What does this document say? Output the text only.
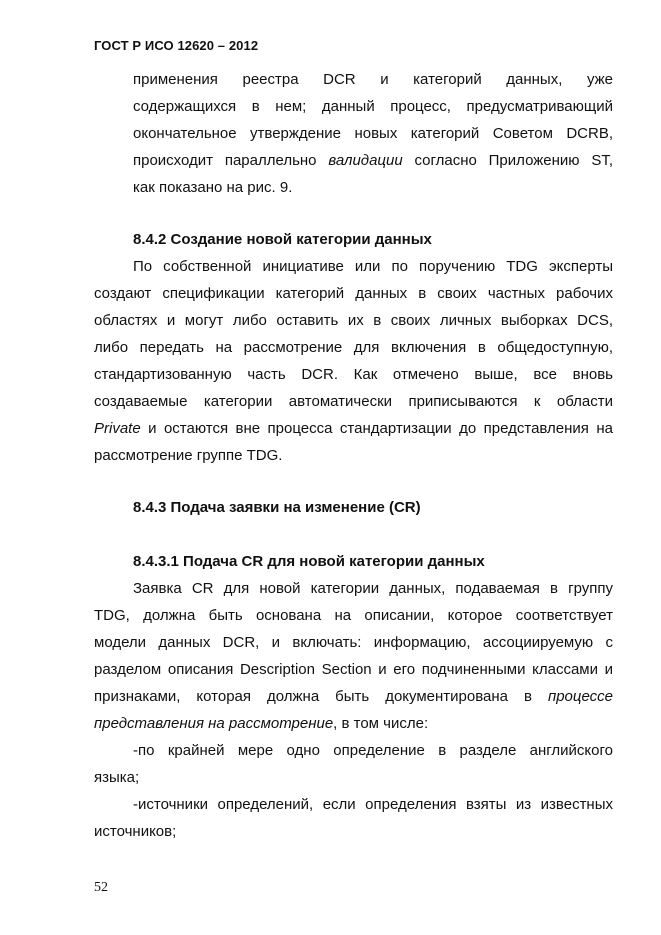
ГОСТ Р ИСО 12620 – 2012
применения реестра DCR и категорий данных, уже
содержащихся в нем; данный процесс, предусматривающий
окончательное утверждение новых категорий Советом DCRB,
происходит параллельно валидации согласно Приложению ST,
как показано на рис. 9.
8.4.2 Создание новой категории данных
По собственной инициативе или по поручению TDG эксперты
создают спецификации категорий данных в своих частных рабочих
областях и могут либо оставить их в своих личных выборках DCS,
либо передать на рассмотрение для включения в общедоступную,
стандартизованную часть DCR. Как отмечено выше, все вновь
создаваемые категории автоматически приписываются к области
Private и остаются вне процесса стандартизации до представления на
рассмотрение группе TDG.
8.4.3 Подача заявки на изменение (CR)
8.4.3.1 Подача CR для новой категории данных
Заявка CR для новой категории данных, подаваемая в группу
TDG, должна быть основана на описании, которое соответствует
модели данных DCR, и включать: информацию, ассоциируемую с
разделом описания Description Section и его подчиненными классами и
признаками, которая должна быть документирована в процессе
представления на рассмотрение, в том числе:
-по крайней мере одно определение в разделе английского
языка;
-источники определений, если определения взяты из известных
источников;
52
